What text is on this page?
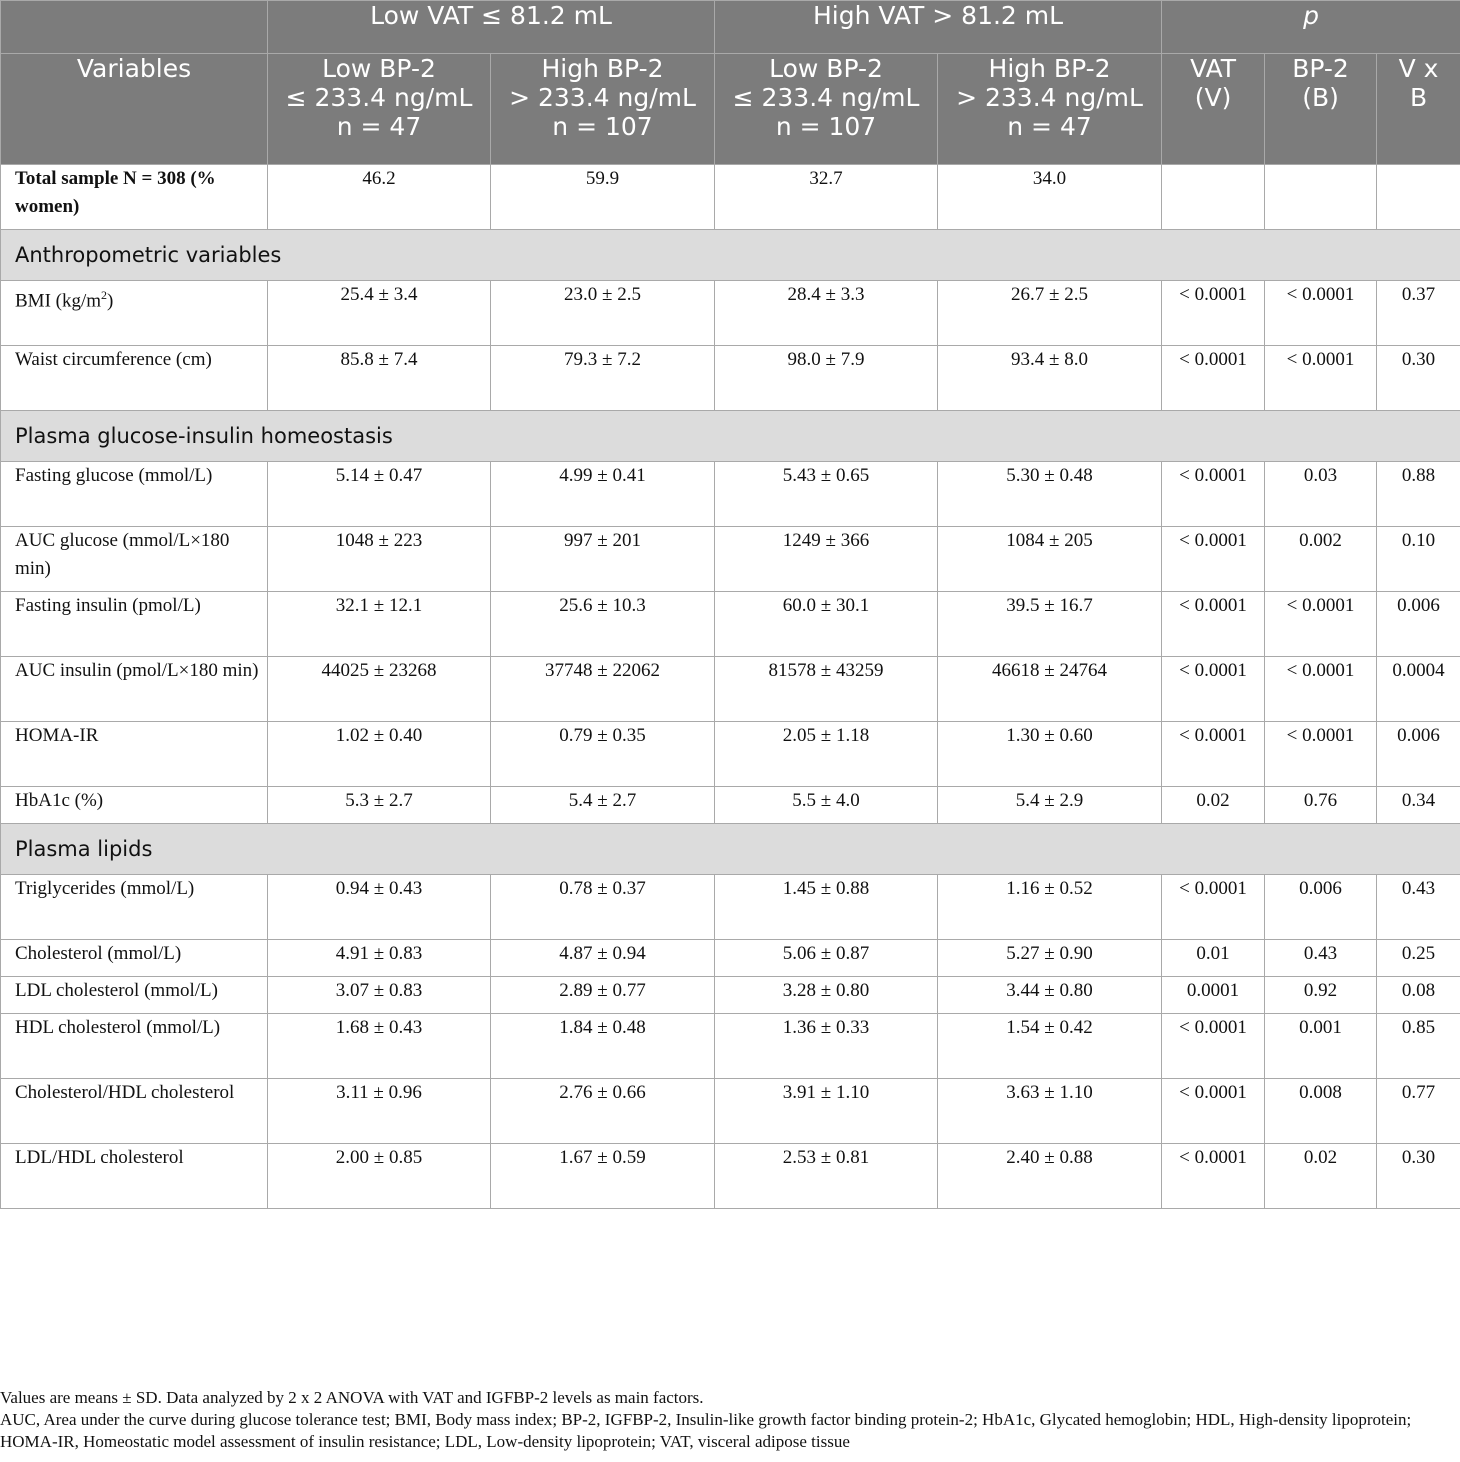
	Low VAT ≤ 81.2 mL		High VAT > 81.2 mL		p		
Variables	Low BP-2
≤ 233.4 ng/mL
n = 47	High BP-2
> 233.4 ng/mL
n = 107	Low BP-2
≤ 233.4 ng/mL
n = 107	High BP-2
> 233.4 ng/mL
n = 47	VAT
(V)	BP-2
(B)	V x
B
Total sample N = 308 (% women)	46.2	59.9	32.7	34.0			
Anthropometric variables							
BMI $(kg/m^2)$	25.4 ± 3.4	23.0 ± 2.5	28.4 ± 3.3	26.7 ± 2.5	< 0.0001	< 0.0001	0.37
Waist circumference (cm)	85.8 ± 7.4	79.3 ± 7.2	98.0 ± 7.9	93.4 ± 8.0	< 0.0001	< 0.0001	0.30
Plasma glucose-insulin homeostasis							
Fasting glucose (mmol/L)	5.14 ± 0.47	4.99 ± 0.41	5.43 ± 0.65	5.30 ± 0.48	< 0.0001	0.03	0.88
AUC glucose (mmol/L×180 min)	1048 ± 223	997 ± 201	1249 ± 366	1084 ± 205	< 0.0001	0.002	0.10
Fasting insulin (pmol/L)	32.1 ± 12.1	25.6 ± 10.3	60.0 ± 30.1	39.5 ± 16.7	< 0.0001	< 0.0001	0.006
AUC insulin (pmol/L×180 min)	44025 ± 23268	37748 ± 22062	81578 ± 43259	46618 ± 24764	< 0.0001	< 0.0001	0.0004
HOMA-IR	1.02 ± 0.40	0.79 ± 0.35	2.05 ± 1.18	1.30 ± 0.60	< 0.0001	< 0.0001	0.006
HbA1c (%)	5.3 ± 2.7	5.4 ± 2.7	5.5 ± 4.0	5.4 ± 2.9	0.02	0.76	0.34
Plasma lipids							
Triglycerides (mmol/L)	0.94 ± 0.43	0.78 ± 0.37	1.45 ± 0.88	1.16 ± 0.52	< 0.0001	0.006	0.43
Cholesterol (mmol/L)	4.91 ± 0.83	4.87 ± 0.94	5.06 ± 0.87	5.27 ± 0.90	0.01	0.43	0.25
LDL cholesterol (mmol/L)	3.07 ± 0.83	2.89 ± 0.77	3.28 ± 0.80	3.44 ± 0.80	0.0001	0.92	0.08
HDL cholesterol (mmol/L)	1.68 ± 0.43	1.84 ± 0.48	1.36 ± 0.33	1.54 ± 0.42	< 0.0001	0.001	0.85
Cholesterol/HDL cholesterol	3.11 ± 0.96	2.76 ± 0.66	3.91 ± 1.10	3.63 ± 1.10	< 0.0001	0.008	0.77
LDL/HDL cholesterol	2.00 ± 0.85	1.67 ± 0.59	2.53 ± 0.81	2.40 ± 0.88	< 0.0001	0.02	0.30

Values are means ± SD. Data analyzed by 2 x 2 ANOVA with VAT and IGFBP-2 levels as main factors.

AUC, Area under the curve during glucose tolerance test; BMI, Body mass index; BP-2, IGFBP-2, Insulin-like growth factor binding protein-2; HbA1c, Glycated hemoglobin; HDL, High-density lipoprotein; HOMA-IR, Homeostatic model assessment of insulin resistance; LDL, Low-density lipoprotein; VAT, visceral adipose tissue
